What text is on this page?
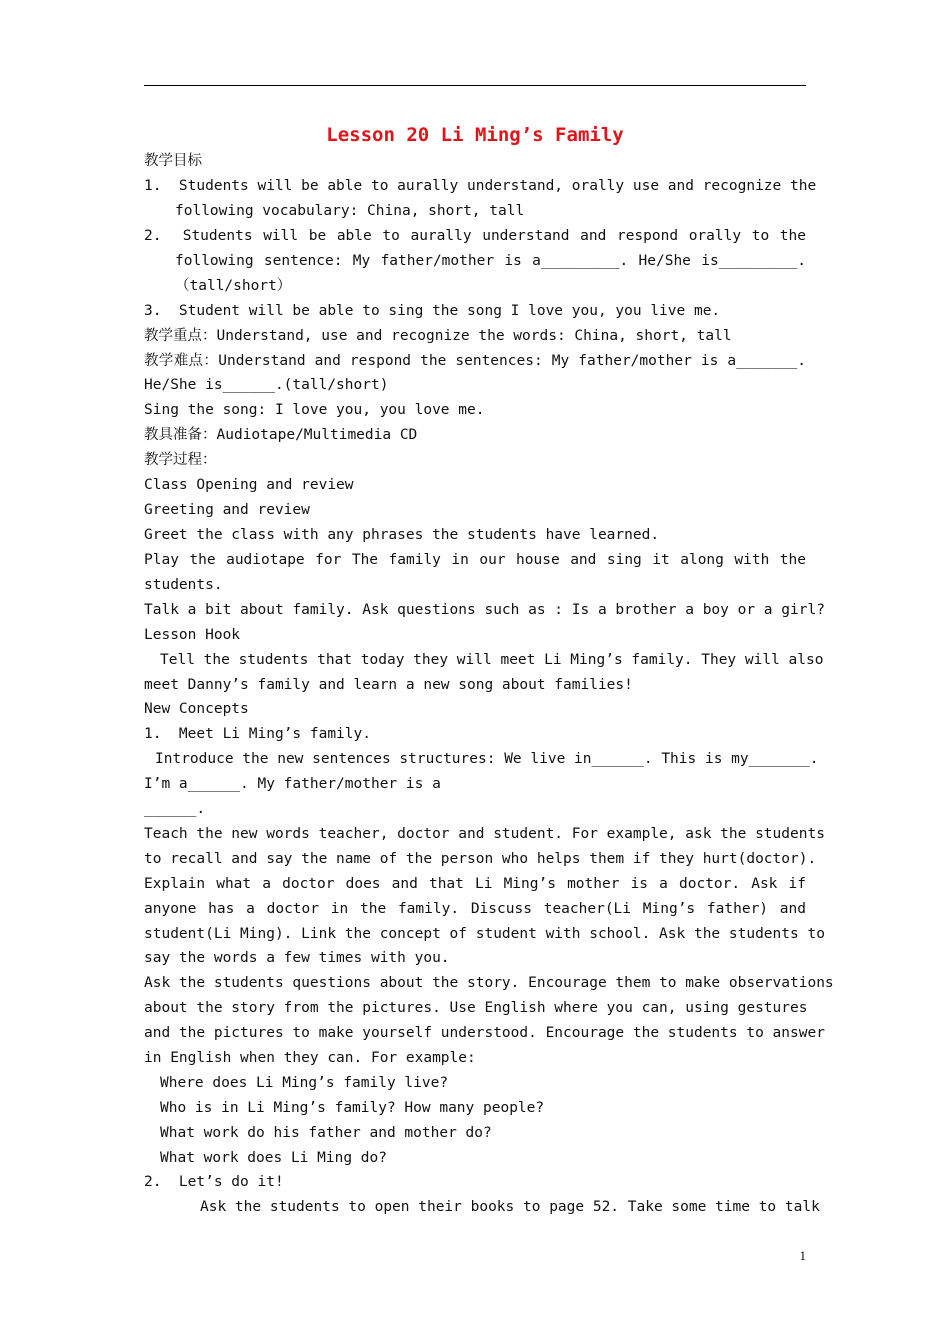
Lesson 20 Li Ming’s Family
教学目标
1.  Students will be able to aurally understand, orally use and recognize the
following vocabulary: China, short, tall
2.  Students will be able to aurally understand and respond orally to the
following sentence: My father/mother is a_________. He/She is_________.
（tall/short）
3.  Student will be able to sing the song I love you, you live me.
教学重点：Understand, use and recognize the words: China, short, tall
教学难点：Understand and respond the sentences: My father/mother is a_______.
He/She is______.(tall/short)
Sing the song: I love you, you love me.
教具准备：Audiotape/Multimedia CD
教学过程：
Class Opening and review
Greeting and review
Greet the class with any phrases the students have learned.
Play the audiotape for The family in our house and sing it along with the
students.
Talk a bit about family. Ask questions such as : Is a brother a boy or a girl?
Lesson Hook
Tell the students that today they will meet Li Ming’s family. They will also
meet Danny’s family and learn a new song about families!
New Concepts
1.  Meet Li Ming’s family.
Introduce the new sentences structures: We live in______. This is my_______.
I’m a______. My father/mother is a
______.
Teach the new words teacher, doctor and student. For example, ask the students
to recall and say the name of the person who helps them if they hurt(doctor).
Explain what a doctor does and that Li Ming’s mother is a doctor. Ask if
anyone has a doctor in the family. Discuss teacher(Li Ming’s father) and
student(Li Ming). Link the concept of student with school. Ask the students to
say the words a few times with you.
Ask the students questions about the story. Encourage them to make observations
about the story from the pictures. Use English where you can, using gestures
and the pictures to make yourself understood. Encourage the students to answer
in English when they can. For example:
Where does Li Ming’s family live?
Who is in Li Ming’s family? How many people?
What work do his father and mother do?
What work does Li Ming do?
2.  Let’s do it!
Ask the students to open their books to page 52. Take some time to talk
1
